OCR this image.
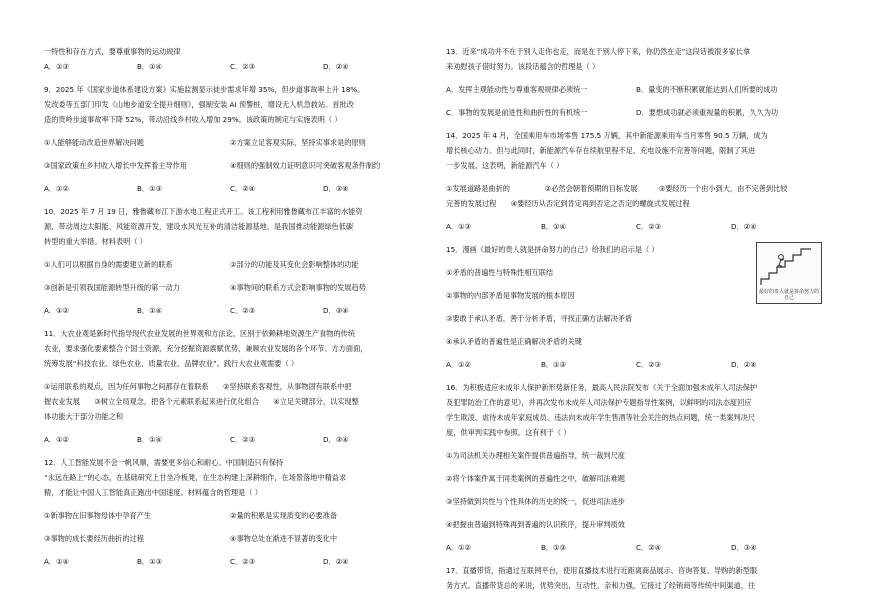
一特性和存在方式，要尊重事物的运动规律
A．①③	B．①④	C．②③	D．②④
9．2025 年《国家步道体系建设方案》实施监测显示徒步需求年增 35%，但步道事故率上升 18%。
发改委等五部门印发《山地步道安全提升细则》，强制安装 AI 预警桩，增设无人机急救站。首批改
造的贵岭步道事故率下降 52%，带动沿线乡村收入增加 29%。该政策的制定与实施表明（ ）
①人能够能动改造世界解决问题	②方案立足客观实际，坚持实事求是的原则
③国家政策在乡村收入增长中发挥着主导作用	④细则的强制效力证明意识可突破客观条件制约
A．①②	B．①③	C．②④	D．③④
10．2025 年 7 月 19 日，雅鲁藏布江下游水电工程正式开工。该工程利用雅鲁藏布江丰富的水能资
源，带动周边太阳能、风能资源开发，建设水风光互补的清洁能源基地，是我国推动能源绿色低碳
转型的重大举措。材料表明（ ）
①人们可以根据自身的需要建立新的联系	②部分的功能及其变化会影响整体的功能
③创新是引领我国能源转型升级的第一动力	④事物间的联系方式会影响事物的发展趋势
A．①②	B．①④	C．②③	D．③④
11．大农业观是新时代指导现代农业发展的世界观和方法论，区别于依赖耕地资源生产食物的传统
农业，要求强化要素整合个国土资源，充分挖掘资源禀赋优势，兼顾农业发展的各个环节、方方面面，
统筹发展“科技农业、绿色农业、质量农业、品牌农业”。践行大农业观需要（ ）
①运用联系的观点，因为任何事物之间都存在着联系　　②坚持联系客观性，从事物固有联系中把
握农业发展　　③树立全局观念，把各个元素联系起来进行优化组合　　④立足关键部分，以实现整
体功能大于部分功能之和
A．①②	B．①④	C．②③	D．③④
12．人工智能发展不会一帆风顺，需要更多信心和耐心。中国制造只有保持
“永远在路上”的心态，在基础研究上甘坐冷板凳，在生态构建上深耕细作，在场景落地中精益求
精，才能让中国人工智能真正跑出中国速度。材料蕴含的哲理是（ ）
①新事物在旧事物母体中孕育产生	②量的积累是实现质变的必要准备
③事物的成长要经历曲折的过程	④事物总处在渐进不显著的变化中
A．①④	B．①③	C．②③	D．②④
13．近来“成功并不在于别人走你也走，而是在于别人停下来，你仍然在走”这段话被很多家长拿
来劝慰孩子借时努力。该段话蕴含的哲理是（ ）
A．发挥主观能动性与尊重客观规律必须统一	B．量变的不断积累就能达到人们所要的成功
C．事物的发展是前进性和曲折性的有机统一	D．要想成功就必须重视量的积累，久久为功
14．2025 年 4 月，全国乘用车市场零售 175.5 万辆，其中新能源乘用车当月零售 90.5 万辆，成为
增长核心动力。但与此同时，新能源汽车存在续航里程不足、充电设施不完善等问题，限制了其进
一步发展。这表明，新能源汽车（ ）
①发展道路是曲折的	②必然会朝着预期的目标发展	③要经历一个由小到大，由不完善到比较
完善的发展过程　　④要经历从否定到肯定再到否定之否定的螺旋式发展过程
A．①③	B．①④	C．②③	D．②④
15．漫画《最好的贵人就是拼命努力的自己》给我们的启示是（ ）
最好的贵人就是拼命努力的自己
①矛盾的普遍性与特殊性相互联结
②事物的内部矛盾是事物发展的根本原因
③要敢于承认矛盾，善于分析矛盾，寻找正确方法解决矛盾
④承认矛盾的普遍性是正确解决矛盾的关键
A．①②	B．①③	C．②③	D．②④
16．为积极适应未成年人保护新形势新任务，最高人民法院发布《关于全面加强未成年人司法保护
及犯罪防治工作的意见》，并再次发布未成年人司法保护专题指导性案例，以鲜明的司法态度回应
学生欺凌、虐待未成年家庭成员、违法向未成年学生售酒等社会关注的热点问题，统一类案判决尺
度，供审判实践中参照。这有利于（ ）
①为司法机关办理相关案件提供普遍指导，统一裁判尺度
②将个体案件寓于同类案例的普遍性之中，破解司法难题
③坚持做到共性与个性具体的历史的统一，促进司法进步
④把握由普遍到特殊再到普遍的认识秩序，提升审判质效
A．①②	B．①③	C．②④	D．③④
17．直播带货，指通过互联网平台，使用直播技术进行近距离商品展示、咨询答复、导购的新型服
务方式。直播带货总的来说，优势突出，互动性、亲和力强，它接过了经销商等传统中间渠道，往
